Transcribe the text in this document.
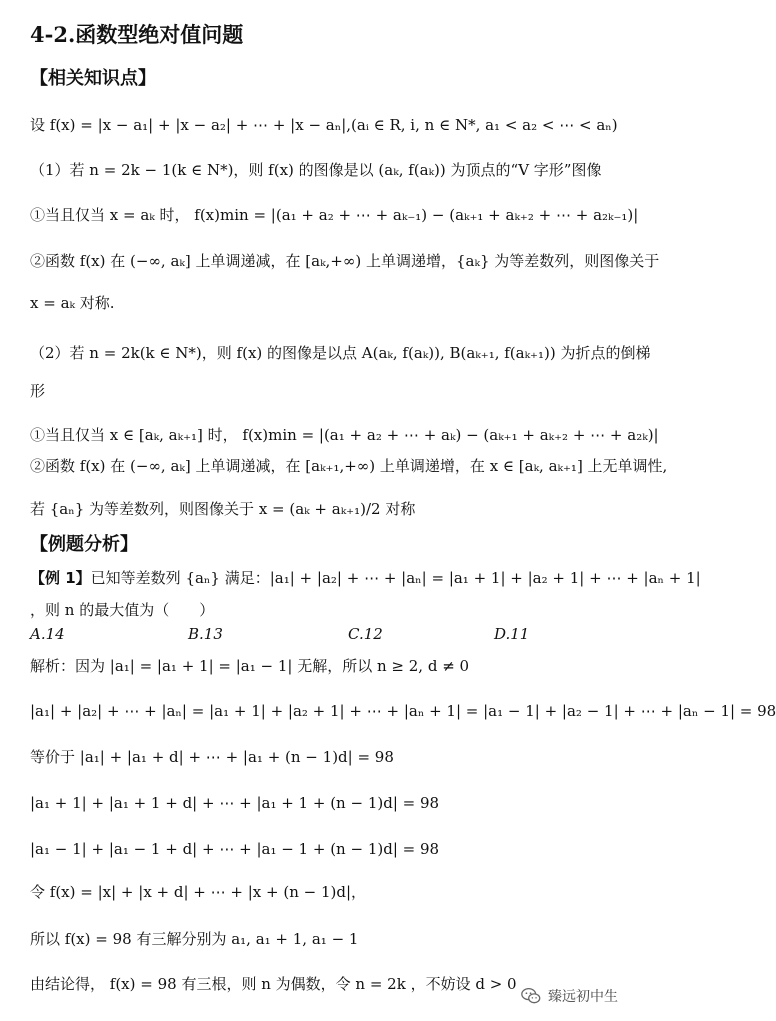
4-2.函数型绝对值问题
【相关知识点】
设 f(x) = |x − a₁| + |x − a₂| + ⋯ + |x − aₙ|,(aᵢ ∈ R, i, n ∈ N*, a₁ < a₂ < ⋯ < aₙ)
（1）若 n = 2k − 1(k ∈ N*)，则 f(x) 的图像是以 (aₖ, f(aₖ)) 为顶点的“V 字形”图像
①当且仅当 x = aₖ 时， f(x)min = |(a₁ + a₂ + ⋯ + aₖ₋₁) − (aₖ₊₁ + aₖ₊₂ + ⋯ + a₂ₖ₋₁)|
②函数 f(x) 在 (−∞, aₖ] 上单调递减，在 [aₖ,+∞) 上单调递增，{aₖ} 为等差数列，则图像关于
x = aₖ 对称.
（2）若 n = 2k(k ∈ N*)，则 f(x) 的图像是以点 A(aₖ, f(aₖ)), B(aₖ₊₁, f(aₖ₊₁)) 为折点的倒梯
形
①当且仅当 x ∈ [aₖ, aₖ₊₁] 时， f(x)min = |(a₁ + a₂ + ⋯ + aₖ) − (aₖ₊₁ + aₖ₊₂ + ⋯ + a₂ₖ)|
②函数 f(x) 在 (−∞, aₖ] 上单调递减，在 [aₖ₊₁,+∞) 上单调递增，在 x ∈ [aₖ, aₖ₊₁] 上无单调性,
若 {aₙ} 为等差数列，则图像关于 x = (aₖ + aₖ₊₁)/2 对称
【例题分析】
【例 1】已知等差数列 {aₙ} 满足：|a₁| + |a₂| + ⋯ + |aₙ| = |a₁ + 1| + |a₂ + 1| + ⋯ + |aₙ + 1|
，则 n 的最大值为（　　）
A.14	B.13	C.12	D.11
解析：因为 |a₁| = |a₁ + 1| = |a₁ − 1| 无解，所以 n ≥ 2, d ≠ 0
|a₁| + |a₂| + ⋯ + |aₙ| = |a₁ + 1| + |a₂ + 1| + ⋯ + |aₙ + 1| = |a₁ − 1| + |a₂ − 1| + ⋯ + |aₙ − 1| = 98
等价于 |a₁| + |a₁ + d| + ⋯ + |a₁ + (n − 1)d| = 98
|a₁ + 1| + |a₁ + 1 + d| + ⋯ + |a₁ + 1 + (n − 1)d| = 98
|a₁ − 1| + |a₁ − 1 + d| + ⋯ + |a₁ − 1 + (n − 1)d| = 98
令 f(x) = |x| + |x + d| + ⋯ + |x + (n − 1)d|，
所以 f(x) = 98 有三解分别为 a₁, a₁ + 1, a₁ − 1
由结论得， f(x) = 98 有三根，则 n 为偶数，令 n = 2k ，不妨设 d > 0
臻远初中生
